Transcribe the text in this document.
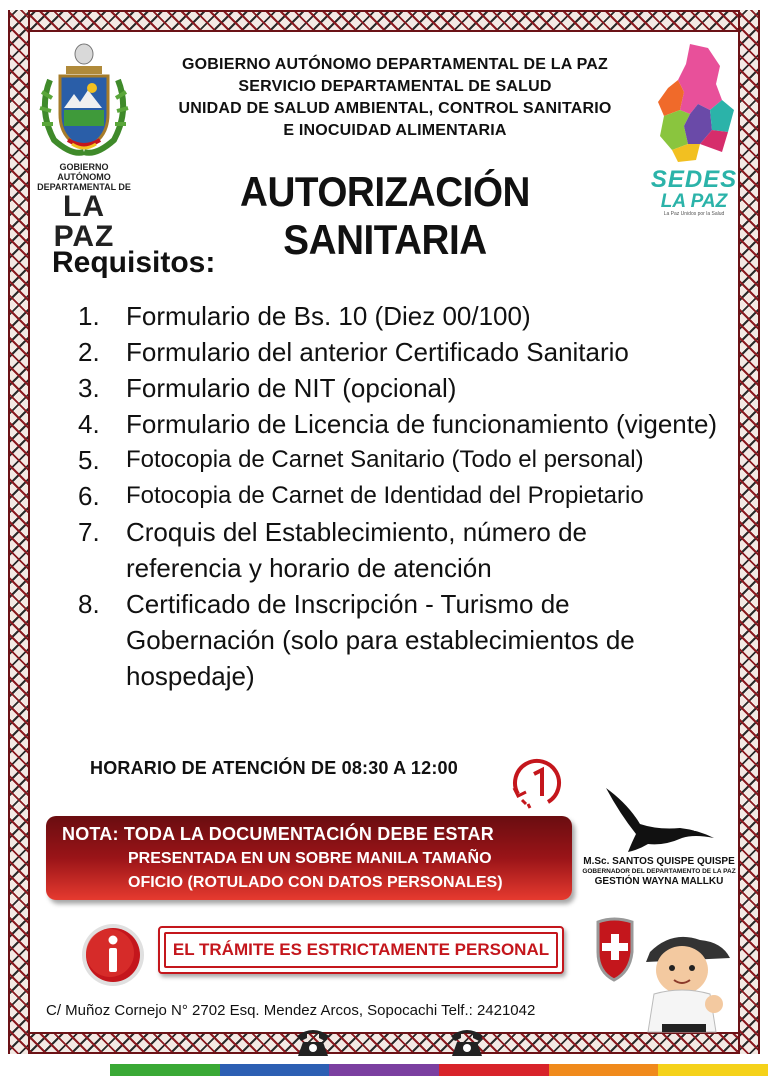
GOBIERNO AUTÓNOMO
DEPARTAMENTAL DE
LA PAZ
SEDES
LA PAZ
La Paz Unidos por la Salud
GOBIERNO AUTÓNOMO DEPARTAMENTAL DE LA PAZ
SERVICIO DEPARTAMENTAL DE SALUD
UNIDAD DE SALUD AMBIENTAL, CONTROL SANITARIO
E INOCUIDAD ALIMENTARIA
AUTORIZACIÓN SANITARIA
Requisitos:
1.	Formulario de Bs. 10 (Diez 00/100)
2.	Formulario del anterior Certificado Sanitario
3.	Formulario de NIT (opcional)
4.	Formulario de Licencia de funcionamiento (vigente)
5.	Fotocopia de Carnet Sanitario (Todo el personal)
6.	Fotocopia de Carnet de Identidad del Propietario
7.	Croquis del Establecimiento, número de referencia y horario de atención
8.	Certificado de Inscripción - Turismo de Gobernación (solo para establecimientos de hospedaje)
HORARIO DE ATENCIÓN DE 08:30 A 12:00
NOTA: TODA LA DOCUMENTACIÓN DEBE ESTAR
PRESENTADA EN UN SOBRE MANILA TAMAÑO
OFICIO (ROTULADO CON DATOS PERSONALES)
M.Sc. SANTOS QUISPE QUISPE
GOBERNADOR DEL DEPARTAMENTO DE LA PAZ
GESTIÓN WAYNA MALLKU
EL TRÁMITE ES ESTRICTAMENTE PERSONAL
C/ Muñoz Cornejo N° 2702 Esq. Mendez Arcos, Sopocachi Telf.: 2421042
